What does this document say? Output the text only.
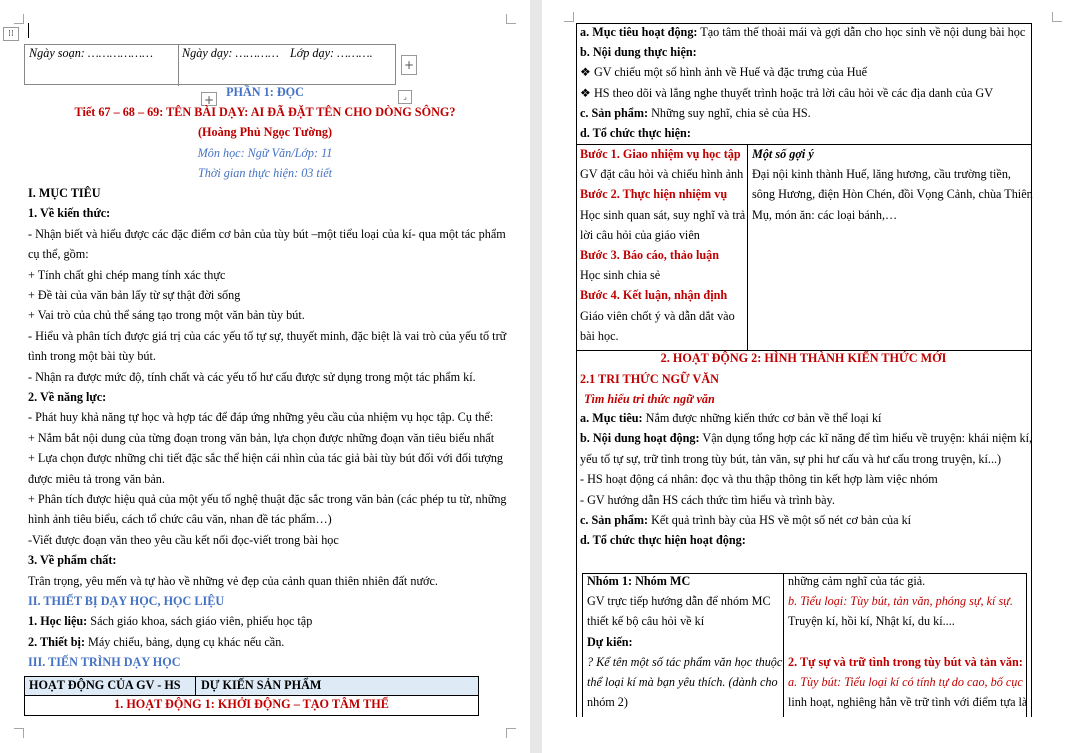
⁞⁞
Ngày soạn: ……………… Ngày dạy: ………… Lớp dạy: ……….
+
+	⌟
PHẦN 1: ĐỌC
Tiết 67 – 68 – 69: TÊN BÀI DẠY: AI ĐÃ ĐẶT TÊN CHO DÒNG SÔNG?
(Hoàng Phủ Ngọc Tường)
Môn học: Ngữ Văn/Lớp: 11
Thời gian thực hiện: 03 tiết
I. MỤC TIÊU
1. Về kiến thức:
- Nhận biết và hiểu được các đặc điểm cơ bản của tùy bút –một tiểu loại của kí- qua một tác phẩm
cụ thể, gồm:
+ Tính chất ghi chép mang tính xác thực
+ Đề tài của văn bản lấy từ sự thật đời sống
+ Vai trò của chủ thể sáng tạo trong một văn bản tùy bút.
- Hiểu và phân tích được giá trị của các yếu tố tự sự, thuyết minh, đặc biệt là vai trò của yếu tố trữ
tình trong một bài tùy bút.
- Nhận ra được mức độ, tính chất và các yếu tố hư cấu được sử dụng trong một tác phẩm kí.
2. Về năng lực:
- Phát huy khả năng tự học và hợp tác để đáp ứng những yêu cầu của nhiệm vụ học tập. Cụ thể:
+ Nắm bắt nội dung của từng đoạn trong văn bản, lựa chọn được những đoạn văn tiêu biểu nhất
+ Lựa chọn được những chi tiết đặc sắc thể hiện cái nhìn của tác giả bài tùy bút đối với đối tượng
được miêu tả trong văn bản.
+ Phân tích được hiệu quả của một yếu tố nghệ thuật đặc sắc trong văn bản (các phép tu từ, những
hình ảnh tiêu biểu, cách tổ chức câu văn, nhan đề tác phẩm…)
-Viết được đoạn văn theo yêu cầu kết nối đọc-viết trong bài học
3. Về phẩm chất:
Trân trọng, yêu mến và tự hào về những vẻ đẹp của cảnh quan thiên nhiên đất nước.
II. THIẾT BỊ DẠY HỌC, HỌC LIỆU
1. Học liệu: Sách giáo khoa, sách giáo viên, phiếu học tập
2. Thiết bị: Máy chiếu, bảng, dụng cụ khác nếu cần.
III. TIẾN TRÌNH DẠY HỌC
HOẠT ĐỘNG CỦA GV - HS DỰ KIẾN SẢN PHẨM
1. HOẠT ĐỘNG 1: KHỞI ĐỘNG – TẠO TÂM THẾ
a. Mục tiêu hoạt động: Tạo tâm thế thoải mái và gợi dẫn cho học sinh về nội dung bài học
b. Nội dung thực hiện:
❖ GV chiếu một số hình ảnh về Huế và đặc trưng của Huế
❖ HS theo dõi và lắng nghe thuyết trình hoặc trả lời câu hỏi về các địa danh của GV
c. Sản phẩm: Những suy nghĩ, chia sẻ của HS.
d. Tổ chức thực hiện:
Bước 1. Giao nhiệm vụ học tập
GV đặt câu hỏi và chiếu hình ảnh
Bước 2. Thực hiện nhiệm vụ
Học sinh quan sát, suy nghĩ và trả
lời câu hỏi của giáo viên
Bước 3. Báo cáo, thảo luận
Học sinh chia sẻ
Bước 4. Kết luận, nhận định
Giáo viên chốt ý và dẫn dắt vào
bài học.
Một số gợi ý
Đại nội kinh thành Huế, lăng hương, cầu trường tiền,
sông Hương, điện Hòn Chén, đồi Vọng Cảnh, chùa Thiên
Mụ, món ăn: các loại bánh,…
2. HOẠT ĐỘNG 2: HÌNH THÀNH KIẾN THỨC MỚI
2.1 TRI THỨC NGỮ VĂN
Tìm hiểu tri thức ngữ văn
a. Mục tiêu: Nắm được những kiến thức cơ bản về thể loại kí
b. Nội dung hoạt động: Vận dụng tổng hợp các kĩ năng để tìm hiểu về truyện: khái niệm kí,
yếu tố tự sự, trữ tình trong tùy bút, tản văn, sự phi hư cấu và hư cấu trong truyện, kí...)
- HS hoạt động cá nhân: đọc và thu thập thông tin kết hợp làm việc nhóm
- GV hướng dẫn HS cách thức tìm hiểu và trình bày.
c. Sản phẩm: Kết quả trình bày của HS về một số nét cơ bản của kí
d. Tổ chức thực hiện hoạt động:
Nhóm 1: Nhóm MC
GV trực tiếp hướng dẫn để nhóm MC
thiết kế bộ câu hỏi về kí
Dự kiến:
? Kể tên một số tác phẩm văn học thuộc
thể loại kí mà bạn yêu thích. (dành cho
nhóm 2)
những cảm nghĩ của tác giả.
b. Tiểu loại: Tùy bút, tản văn, phóng sự, kí sự.
Truyện kí, hồi kí, Nhật kí, du kí....
2. Tự sự và trữ tình trong tùy bút và tản văn:
a. Tùy bút: Tiểu loại kí có tính tự do cao, bố cục
linh hoạt, nghiêng hẳn về trữ tình với điểm tựa là
